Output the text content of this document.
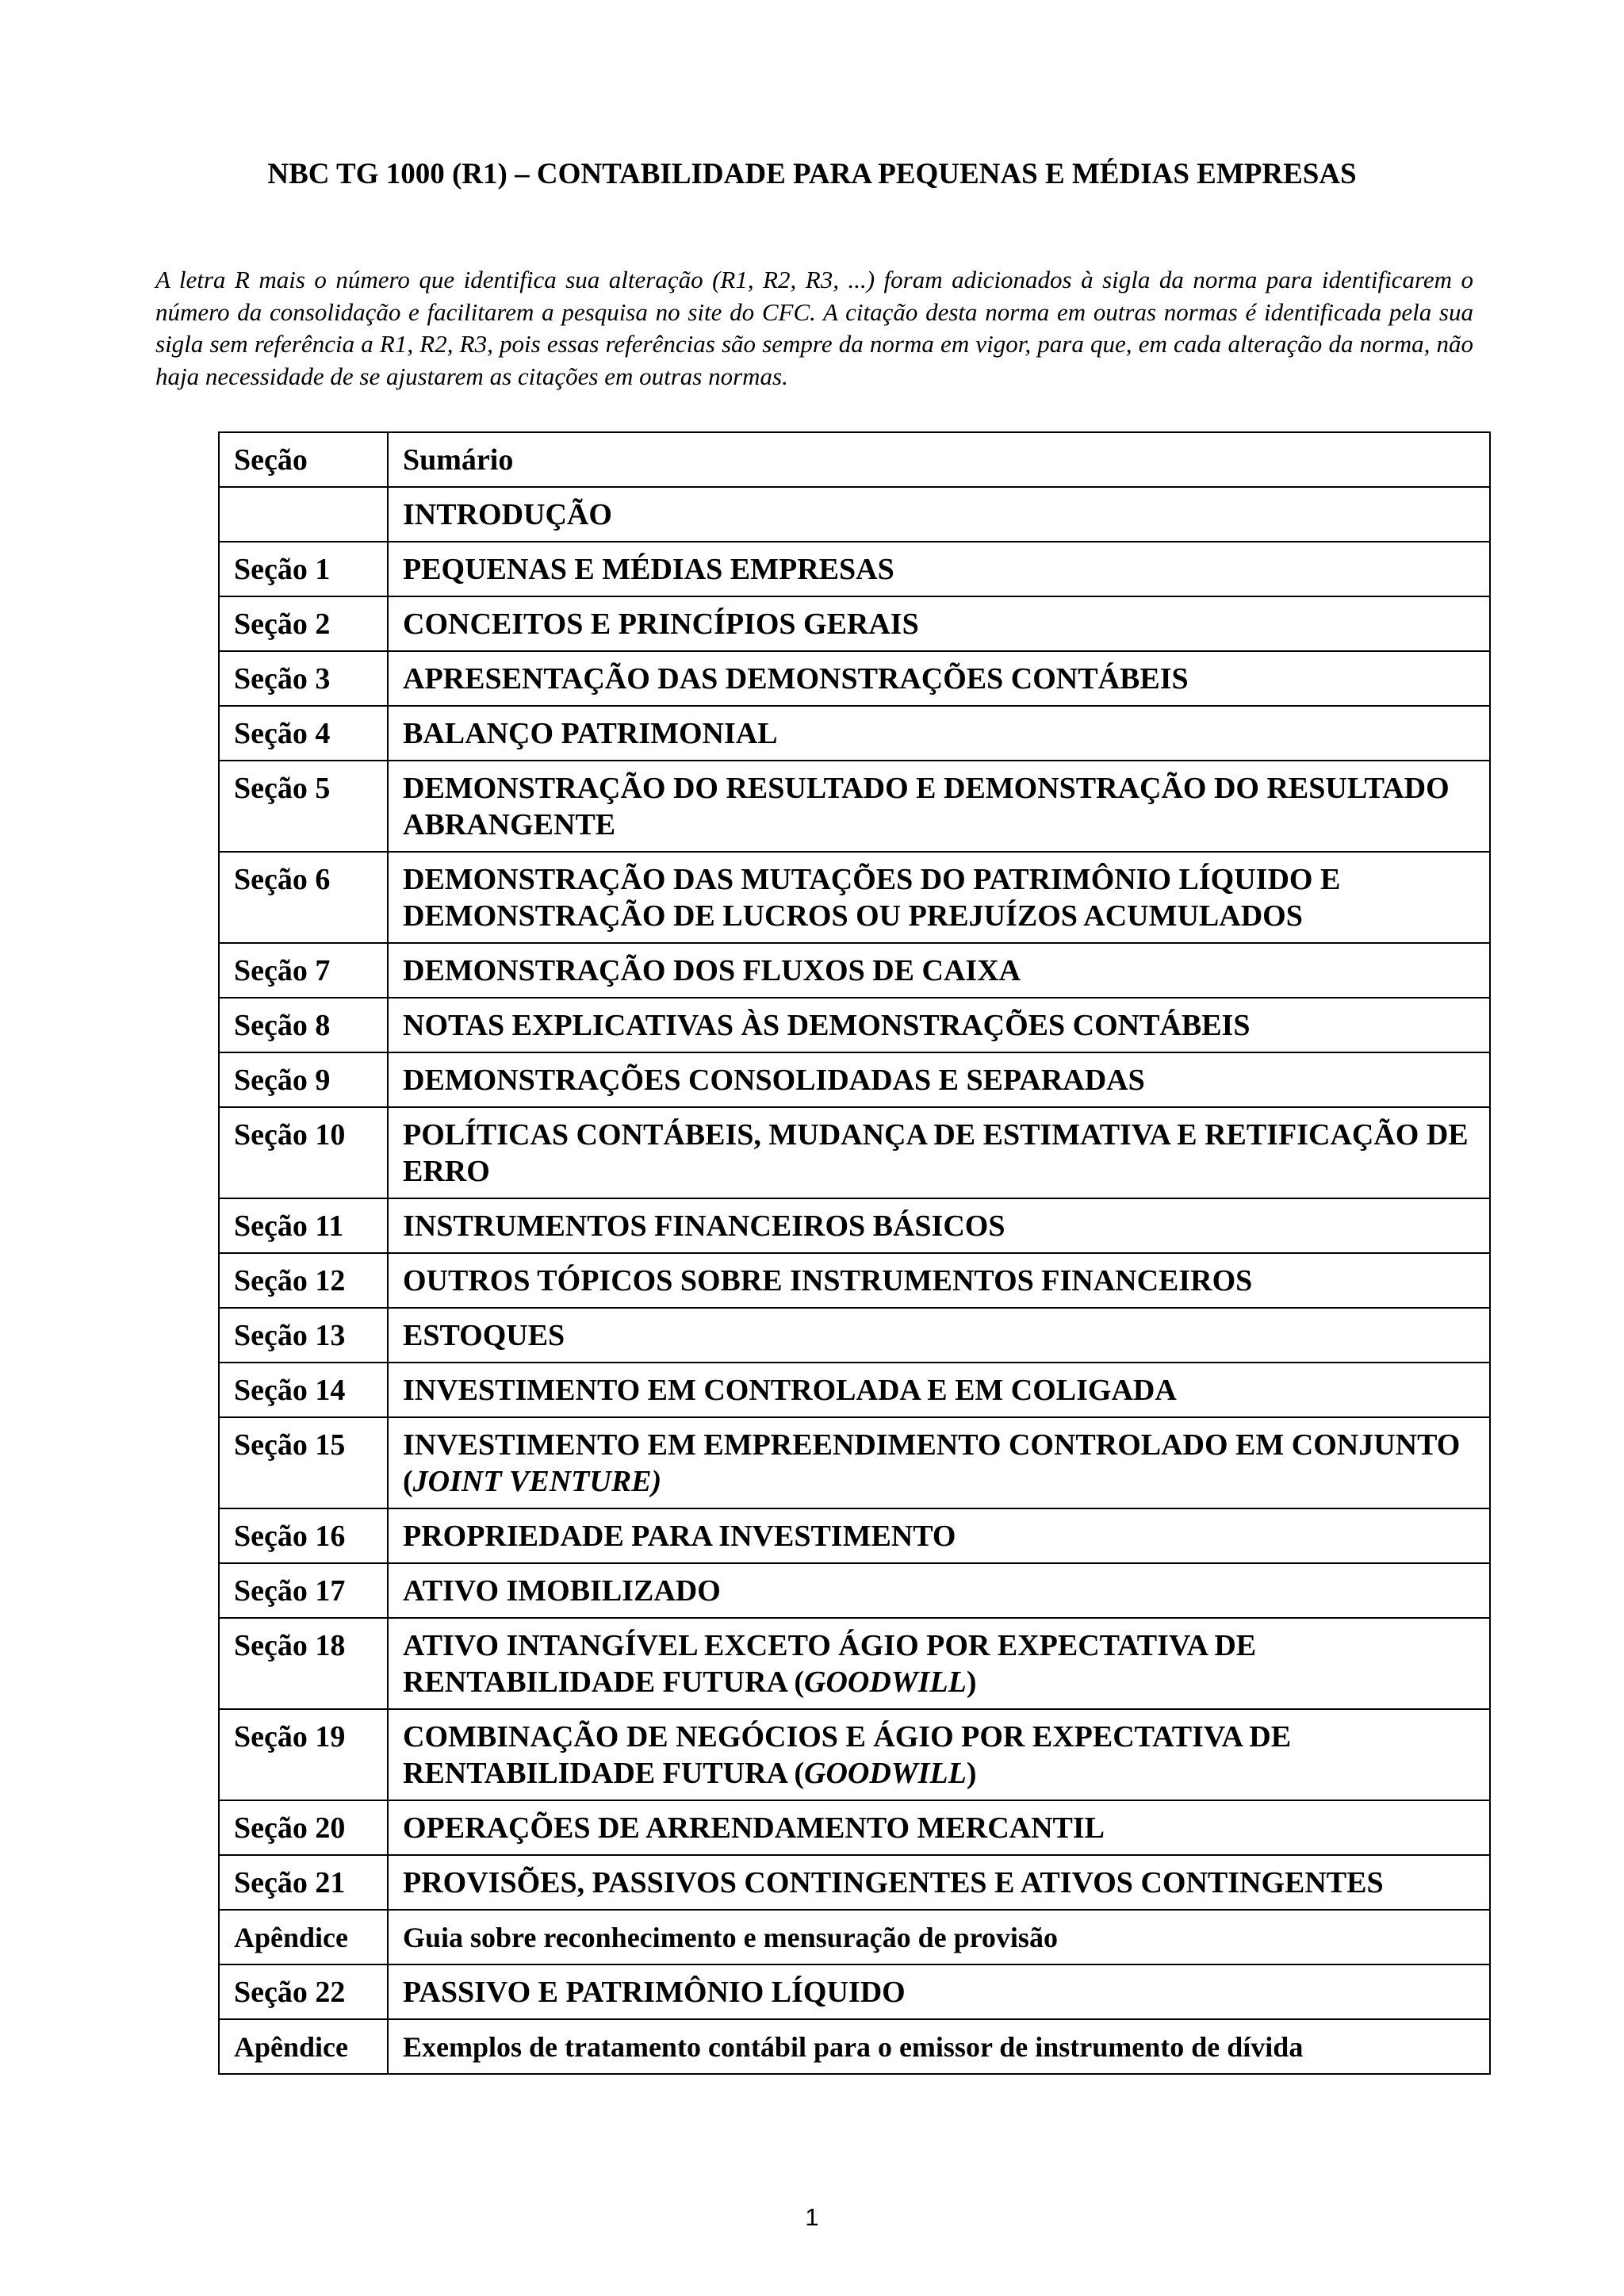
NBC TG 1000 (R1) – CONTABILIDADE PARA PEQUENAS E MÉDIAS EMPRESAS

A letra R mais o número que identifica sua alteração (R1, R2, R3, ...) foram adicionados à sigla da norma para identificarem o número da consolidação e facilitarem a pesquisa no site do CFC. A citação desta norma em outras normas é identificada pela sua sigla sem referência a R1, R2, R3, pois essas referências são sempre da norma em vigor, para que, em cada alteração da norma, não haja necessidade de se ajustarem as citações em outras normas.

Seção	Sumário
	INTRODUÇÃO
Seção 1	PEQUENAS E MÉDIAS EMPRESAS
Seção 2	CONCEITOS E PRINCÍPIOS GERAIS
Seção 3	APRESENTAÇÃO DAS DEMONSTRAÇÕES CONTÁBEIS
Seção 4	BALANÇO PATRIMONIAL
Seção 5	DEMONSTRAÇÃO DO RESULTADO E DEMONSTRAÇÃO DO RESULTADO ABRANGENTE
Seção 6	DEMONSTRAÇÃO DAS MUTAÇÕES DO PATRIMÔNIO LÍQUIDO E DEMONSTRAÇÃO DE LUCROS OU PREJUÍZOS ACUMULADOS
Seção 7	DEMONSTRAÇÃO DOS FLUXOS DE CAIXA
Seção 8	NOTAS EXPLICATIVAS ÀS DEMONSTRAÇÕES CONTÁBEIS
Seção 9	DEMONSTRAÇÕES CONSOLIDADAS E SEPARADAS
Seção 10	POLÍTICAS CONTÁBEIS, MUDANÇA DE ESTIMATIVA E RETIFICAÇÃO DE ERRO
Seção 11	INSTRUMENTOS FINANCEIROS BÁSICOS
Seção 12	OUTROS TÓPICOS SOBRE INSTRUMENTOS FINANCEIROS
Seção 13	ESTOQUES
Seção 14	INVESTIMENTO EM CONTROLADA E EM COLIGADA
Seção 15	INVESTIMENTO EM EMPREENDIMENTO CONTROLADO EM CONJUNTO (JOINT VENTURE)
Seção 16	PROPRIEDADE PARA INVESTIMENTO
Seção 17	ATIVO IMOBILIZADO
Seção 18	ATIVO INTANGÍVEL EXCETO ÁGIO POR EXPECTATIVA DE RENTABILIDADE FUTURA (GOODWILL)
Seção 19	COMBINAÇÃO DE NEGÓCIOS E ÁGIO POR EXPECTATIVA DE RENTABILIDADE FUTURA (GOODWILL)
Seção 20	OPERAÇÕES DE ARRENDAMENTO MERCANTIL
Seção 21	PROVISÕES, PASSIVOS CONTINGENTES E ATIVOS CONTINGENTES
Apêndice	Guia sobre reconhecimento e mensuração de provisão
Seção 22	PASSIVO E PATRIMÔNIO LÍQUIDO
Apêndice	Exemplos de tratamento contábil para o emissor de instrumento de dívida
1
